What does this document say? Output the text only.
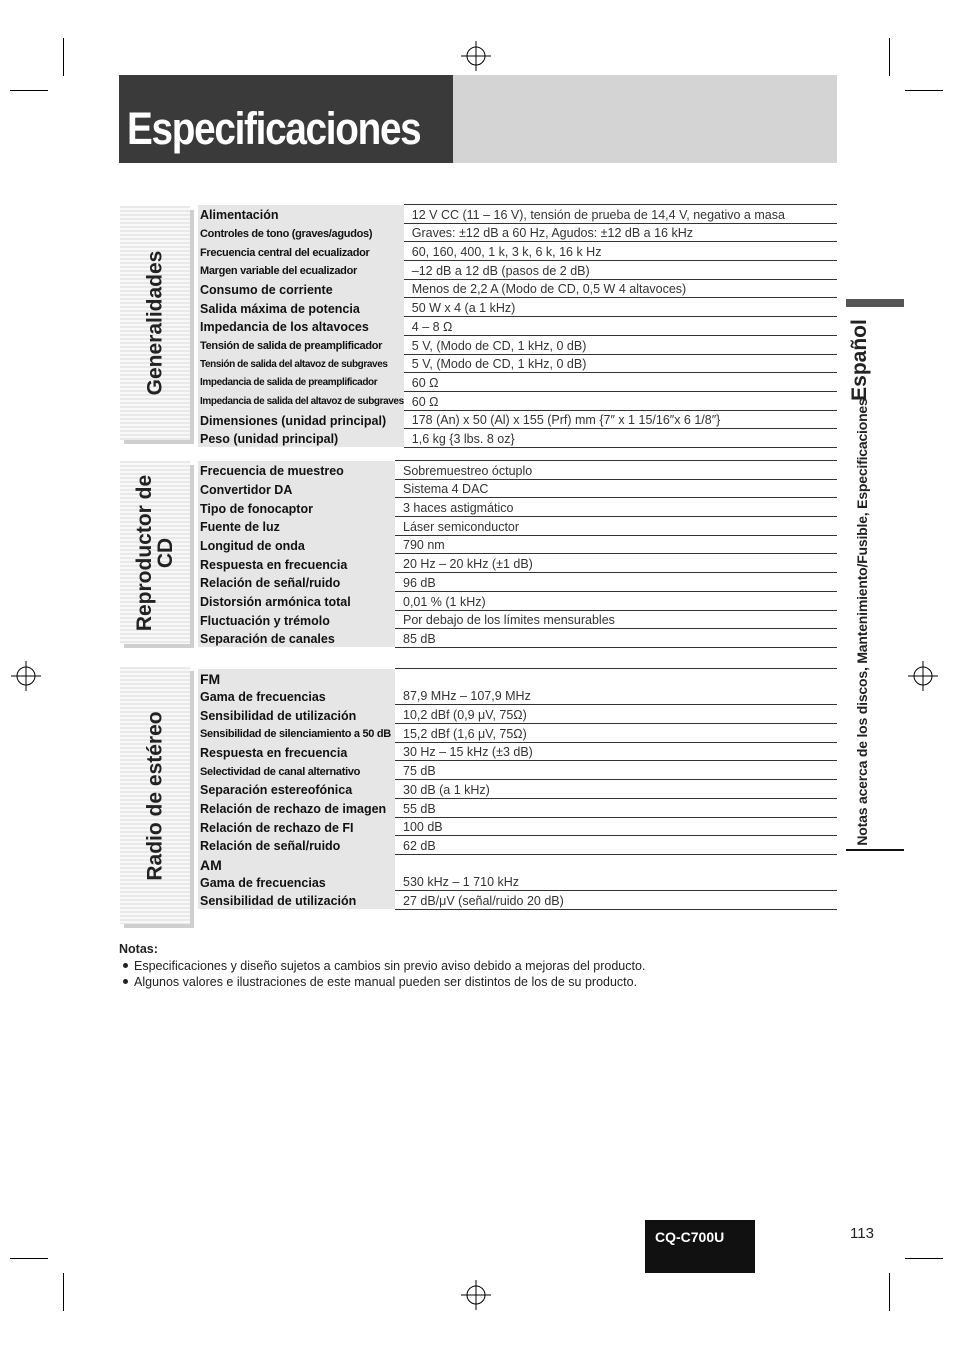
Especificaciones
Generalidades
Alimentación	12 V CC (11 – 16 V), tensión de prueba de 14,4 V, negativo a masa
Controles de tono (graves/agudos)	Graves: ±12 dB a 60 Hz, Agudos: ±12 dB a 16 kHz
Frecuencia central del ecualizador	60, 160, 400, 1 k, 3 k, 6 k, 16 k Hz
Margen variable del ecualizador	–12 dB a 12 dB (pasos de 2 dB)
Consumo de corriente	Menos de 2,2 A (Modo de CD, 0,5 W 4 altavoces)
Salida máxima de potencia	50 W x 4 (a 1 kHz)
Impedancia de los altavoces	4 – 8 Ω
Tensión de salida de preamplificador	5 V, (Modo de CD, 1 kHz, 0 dB)
Tensión de salida del altavoz de subgraves	5 V, (Modo de CD, 1 kHz, 0 dB)
Impedancia de salida de preamplificador	60 Ω
Impedancia de salida del altavoz de subgraves	60 Ω
Dimensiones (unidad principal)	178 (An) x 50 (Al) x 155 (Prf) mm {7″ x 1 15/16″x 6 1/8″}
Peso (unidad principal)	1,6 kg {3 lbs. 8 oz}
Reproductor de
CD
Frecuencia de muestreo	Sobremuestreo óctuplo
Convertidor DA	Sistema 4 DAC
Tipo de fonocaptor	3 haces astigmático
Fuente de luz	Láser semiconductor
Longitud de onda	790 nm
Respuesta en frecuencia	20 Hz – 20 kHz (±1 dB)
Relación de señal/ruido	96 dB
Distorsión armónica total	0,01 % (1 kHz)
Fluctuación y trémolo	Por debajo de los límites mensurables
Separación de canales	85 dB
Radio de estéreo
FM	
Gama de frecuencias	87,9 MHz – 107,9 MHz
Sensibilidad de utilización	10,2 dBf (0,9 μV, 75Ω)
Sensibilidad de silenciamiento a 50 dB	15,2 dBf (1,6 μV, 75Ω)
Respuesta en frecuencia	30 Hz – 15 kHz (±3 dB)
Selectividad de canal alternativo	75 dB
Separación estereofónica	30 dB (a 1 kHz)
Relación de rechazo de imagen	55 dB
Relación de rechazo de FI	100 dB
Relación de señal/ruido	62 dB
AM	
Gama de frecuencias	530 kHz – 1 710 kHz
Sensibilidad de utilización	27 dB/μV (señal/ruido 20 dB)
Español
Notas acerca de los discos, Mantenimiento/Fusible, Especificaciones
Notas:
Especificaciones y diseño sujetos a cambios sin previo aviso debido a mejoras del producto.
Algunos valores e ilustraciones de este manual pueden ser distintos de los de su producto.
CQ-C700U	113
